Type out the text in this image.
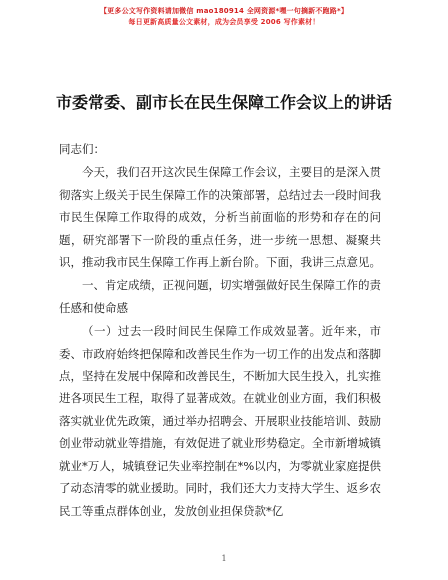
【更多公文写作资料请加微信 mao180914 全网资源*嘿一句摘新不跑路*】
每日更新高质量公文素材，成为会员享受 2006 写作素材！
市委常委、副市长在民生保障工作会议上的讲话

同志们：

今天，我们召开这次民生保障工作会议，主要目的是深入贯彻落实上级关于民生保障工作的决策部署，总结过去一段时间我市民生保障工作取得的成效，分析当前面临的形势和存在的问题，研究部署下一阶段的重点任务，进一步统一思想、凝聚共识，推动我市民生保障工作再上新台阶。下面，我讲三点意见。

一、肯定成绩，正视问题，切实增强做好民生保障工作的责任感和使命感

（一）过去一段时间民生保障工作成效显著。近年来，市委、市政府始终把保障和改善民生作为一切工作的出发点和落脚点，坚持在发展中保障和改善民生，不断加大民生投入，扎实推进各项民生工程，取得了显著成效。在就业创业方面，我们积极落实就业优先政策，通过举办招聘会、开展职业技能培训、鼓励创业带动就业等措施，有效促进了就业形势稳定。全市新增城镇就业*万人，城镇登记失业率控制在*%以内，为零就业家庭提供了动态清零的就业援助。同时，我们还大力支持大学生、返乡农民工等重点群体创业，发放创业担保贷款*亿

1
